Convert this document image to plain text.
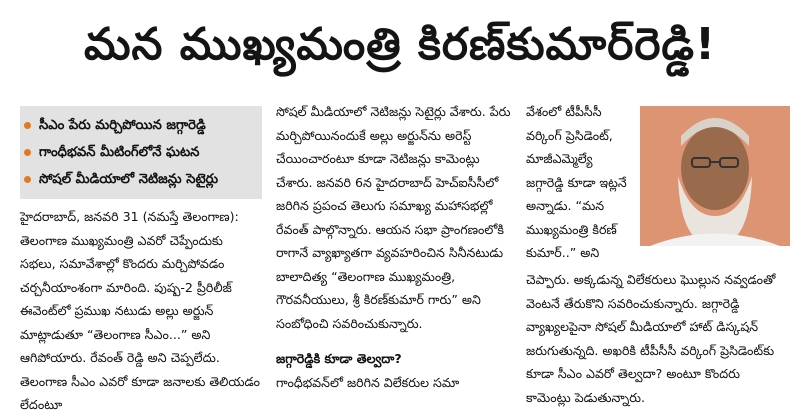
మన ముఖ్యమంత్రి కిరణ్‌కుమార్‌రెడ్డి!
సీఎం పేరు మర్చిపోయిన జగ్గారెడ్డి
గాంధీభవన్ మీటింగ్‌లోనే ఘటన
సోషల్ మీడియాలో నెటిజన్లు సెటైర్లు

హైదరాబాద్, జనవరి 31 (నమస్తే తెలంగాణ): తెలంగాణ ముఖ్యమంత్రి ఎవరో చెప్పేందుకు సభలు, సమావేశాల్లో కొందరు మర్చిపోవడం చర్చనీయాంశంగా మారింది. పుష్ప-2 ప్రీరిలీజ్ ఈవెంట్‌లో ప్రముఖ నటుడు అల్లు అర్జున్ మాట్లాడుతూ “తెలంగాణ సీఎం...” అని ఆగిపోయారు. రేవంత్ రెడ్డి అని చెప్పలేదు. తెలంగాణ సీఎం ఎవరో కూడా జనాలకు తెలియడం లేదంటూ

సోషల్ మీడియాలో నెటిజన్లు సెటైర్లు వేశారు. పేరు మర్చిపోయినందుకే అల్లు అర్జున్‌ను అరెస్ట్ చేయించారంటూ కూడా నెటిజన్లు కామెంట్లు చేశారు. జనవరి 6న హైదరాబాద్ హెచ్ఐసీసీలో జరిగిన ప్రపంచ తెలుగు సమాఖ్య మహాసభల్లో రేవంత్ పాల్గొన్నారు. ఆయన సభా ప్రాంగణంలోకి రాగానే వ్యాఖ్యాతగా వ్యవహరించిన సినీనటుడు బాలాదిత్య “తెలంగాణ ముఖ్యమంత్రి, గౌరవనీయులు, శ్రీ కిరణ్‌కుమార్ గారు” అని సంబోధించి సవరించుకున్నారు.

జగ్గారెడ్డికి కూడా తెల్వదా?

గాంధీభవన్‌లో జరిగిన విలేకరుల సమా

వేశంలో టీపీసీసీ వర్కింగ్ ప్రెసిడెంట్, మాజీఎమ్మెల్యే జగ్గారెడ్డి కూడా ఇట్లనే అన్నాడు. “మన ముఖ్యమంత్రి కిరణ్ కుమార్..” అని

చెప్పారు. అక్కడున్న విలేకరులు ఘొల్లున నవ్వడంతో వెంటనే తేరుకొని సవరించుకున్నారు. జగ్గారెడ్డి వ్యాఖ్యలపైనా సోషల్ మీడియాలో హాట్ డిస్కషన్ జరుగుతున్నది. అఖరికి టీపీసీసీ వర్కింగ్ ప్రెసిడెంట్‌కు కూడా సీఎం ఎవరో తెల్వదా? అంటూ కొందరు కామెంట్లు పెడుతున్నారు.
